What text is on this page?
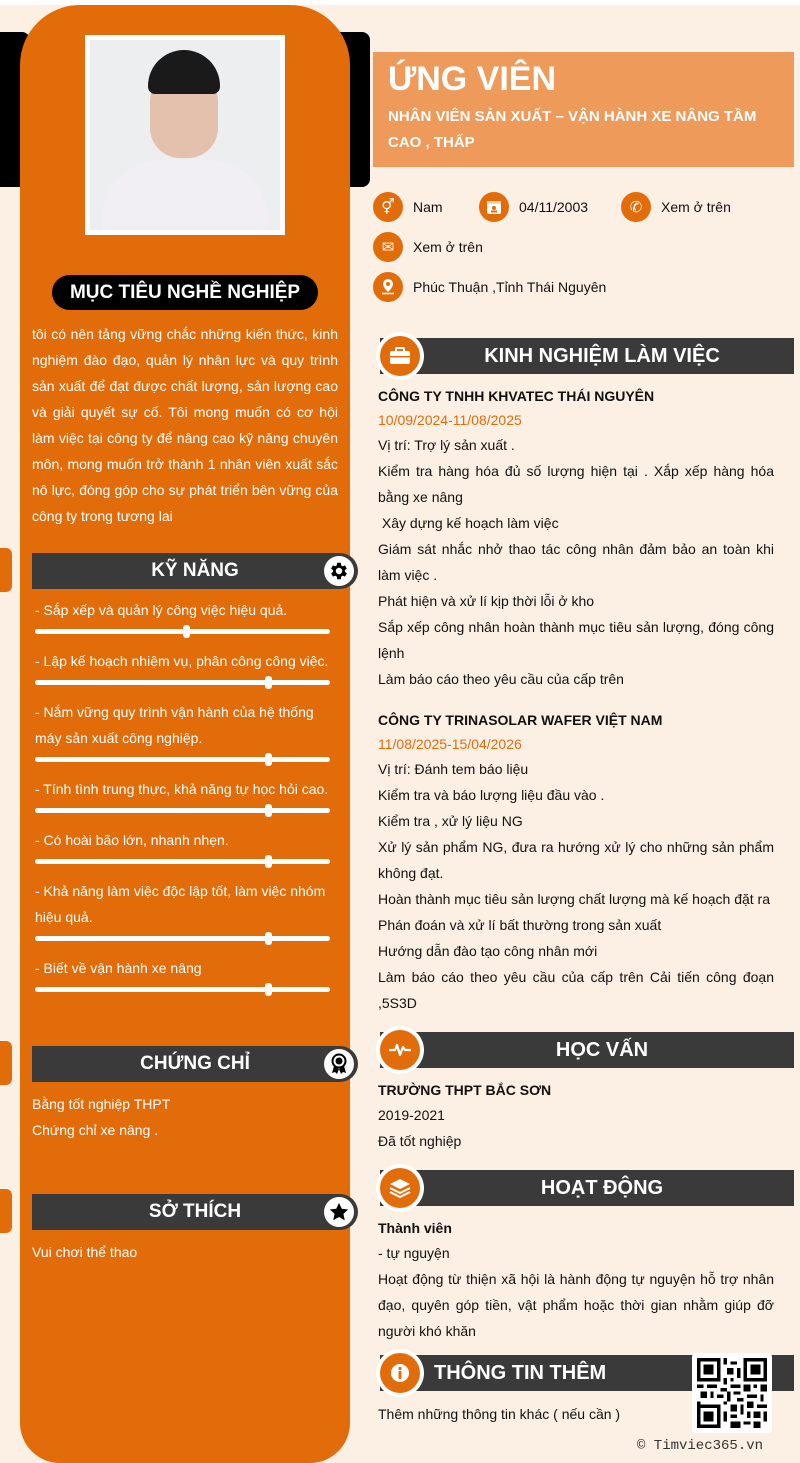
MỤC TIÊU NGHỀ NGHIỆP
tôi có nên tảng vững chắc những kiến thức, kinh nghiệm đào đạo, quản lý nhân lực và quy trình sản xuất để đạt được chất lượng, sản lượng cao và giải quyết sự cố. Tôi mong muốn có cơ hội làm việc tại công ty để nâng cao kỹ năng chuyên môn, mong muốn trở thành 1 nhân viên xuất sắc nô lực, đóng góp cho sự phát triển bên vững của công ty trong tương lai
KỸ NĂNG
- Sắp xếp và quản lý công việc hiệu quả.
- Lập kế hoạch nhiệm vụ, phân công công việc.
- Nắm vững quy trình vận hành của hệ thống máy sản xuất công nghiệp.
- Tính tình trung thực, khả năng tự học hỏi cao.
- Có hoài bão lớn, nhanh nhẹn.
- Khả năng làm việc độc lập tốt, làm việc nhóm hiệu quả.
- Biết về vận hành xe nâng
CHỨNG CHỈ
Bằng tốt nghiệp THPT
Chứng chỉ xe nâng .
SỞ THÍCH
Vui chơi thể thao
ỨNG VIÊN
NHÂN VIÊN SẢN XUẤT – VẬN HÀNH XE NÂNG TẦM CAO , THẤP
⚥	Nam	04/11/2003	✆	Xem ở trên
✉	Xem ở trên
Phúc Thuận ,Tỉnh Thái Nguyên
KINH NGHIỆM LÀM VIỆC
CÔNG TY TNHH KHVATEC THÁI NGUYÊN
10/09/2024-11/08/2025
Vị trí: Trợ lý sản xuất .
Kiểm tra hàng hóa đủ số lượng hiện tại . Xắp xếp hàng hóa bằng xe nâng
Xây dựng kế hoạch làm việc
Giám sát nhắc nhở thao tác công nhân đảm bảo an toàn khi làm việc .
Phát hiện và xử lí kịp thời lỗi ở kho
Sắp xếp công nhân hoàn thành mục tiêu sản lượng, đóng công lệnh
Làm báo cáo theo yêu cầu của cấp trên
CÔNG TY TRINASOLAR WAFER VIỆT NAM
11/08/2025-15/04/2026
Vị trí: Đánh tem báo liệu
Kiểm tra và báo lượng liệu đầu vào .
Kiểm tra , xử lý liệu NG
Xử lý sản phẩm NG, đưa ra hướng xử lý cho những sản phẩm không đạt.
Hoàn thành mục tiêu sản lượng chất lượng mà kế hoạch đặt ra
Phán đoán và xử lí bất thường trong sản xuất
Hướng dẫn đào tạo công nhân mới
Làm báo cáo theo yêu cầu của cấp trên Cải tiến công đoạn ,5S3D
HỌC VẤN
TRƯỜNG THPT BẮC SƠN
2019-2021
Đã tốt nghiệp
HOẠT ĐỘNG
Thành viên
- tự nguyện
Hoạt động từ thiện xã hội là hành động tự nguyện hỗ trợ nhân đạo, quyên góp tiền, vật phẩm hoặc thời gian nhằm giúp đỡ người khó khăn
THÔNG TIN THÊM
Thêm những thông tin khác ( nếu cần )
© Timviec365.vn
